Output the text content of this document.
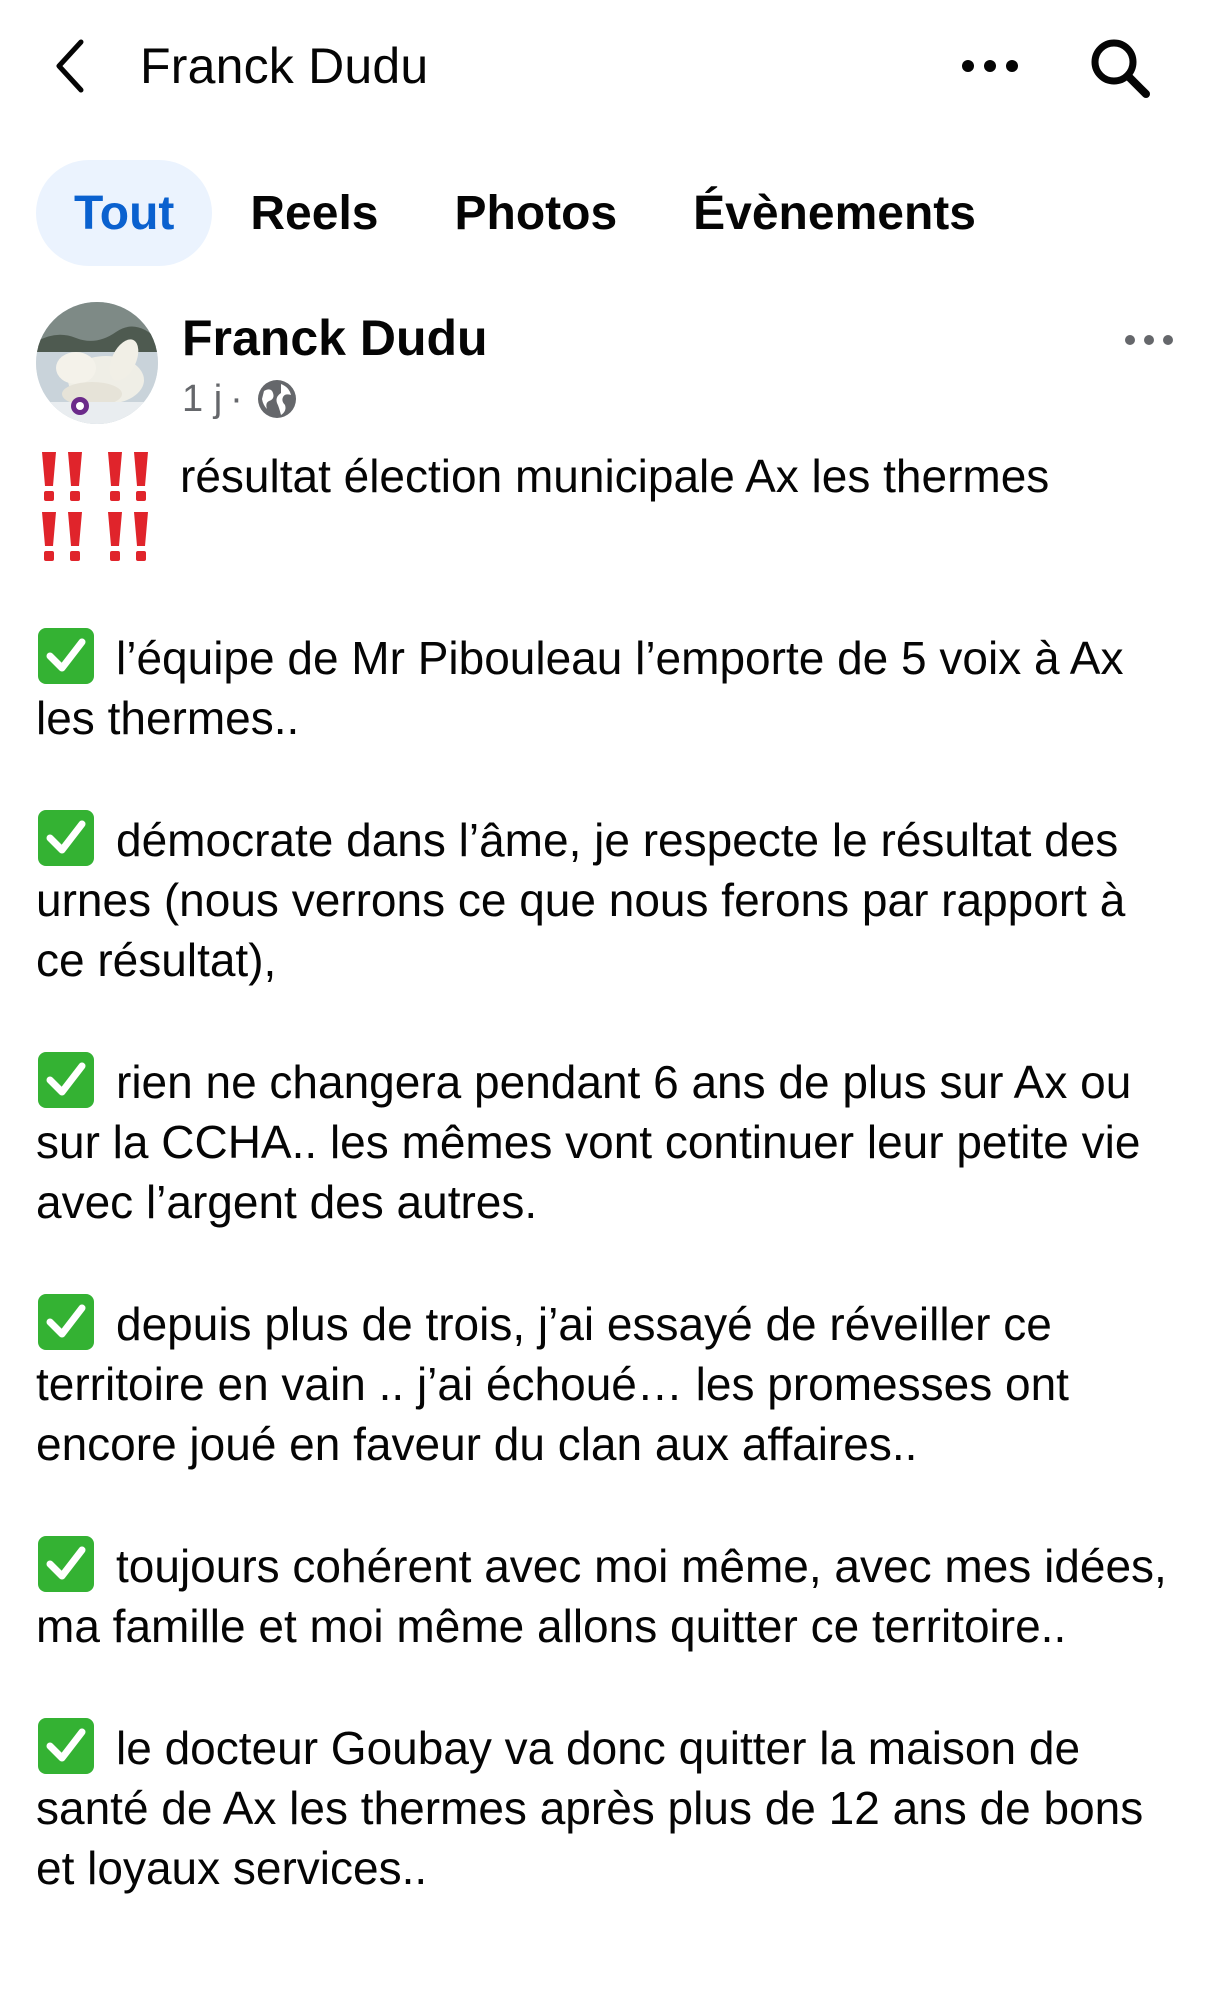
Franck Dudu
Tout	Reels	Photos	Évènements
Franck Dudu
1 j ·
résultat élection municipale Ax les thermes
l’équipe de Mr Piboulеau l’emporte de 5 voix à Ax les thermes..
démocrate dans l’âme, je respecte le résultat des urnes (nous verrons ce que nous ferons par rapport à ce résultat),
rien ne changera pendant 6 ans de plus sur Ax ou sur la CCHA.. les mêmes vont continuer leur petite vie avec l’argent des autres.
depuis plus de trois, j’ai essayé de réveiller ce territoire en vain .. j’ai échoué… les promesses ont encore joué en faveur du clan aux affaires..
toujours cohérent avec moi même, avec mes idées, ma famille et moi même allons quitter ce territoire..
le docteur Goubay va donc quitter la maison de santé de Ax les thermes après plus de 12 ans de bons et loyaux services..
